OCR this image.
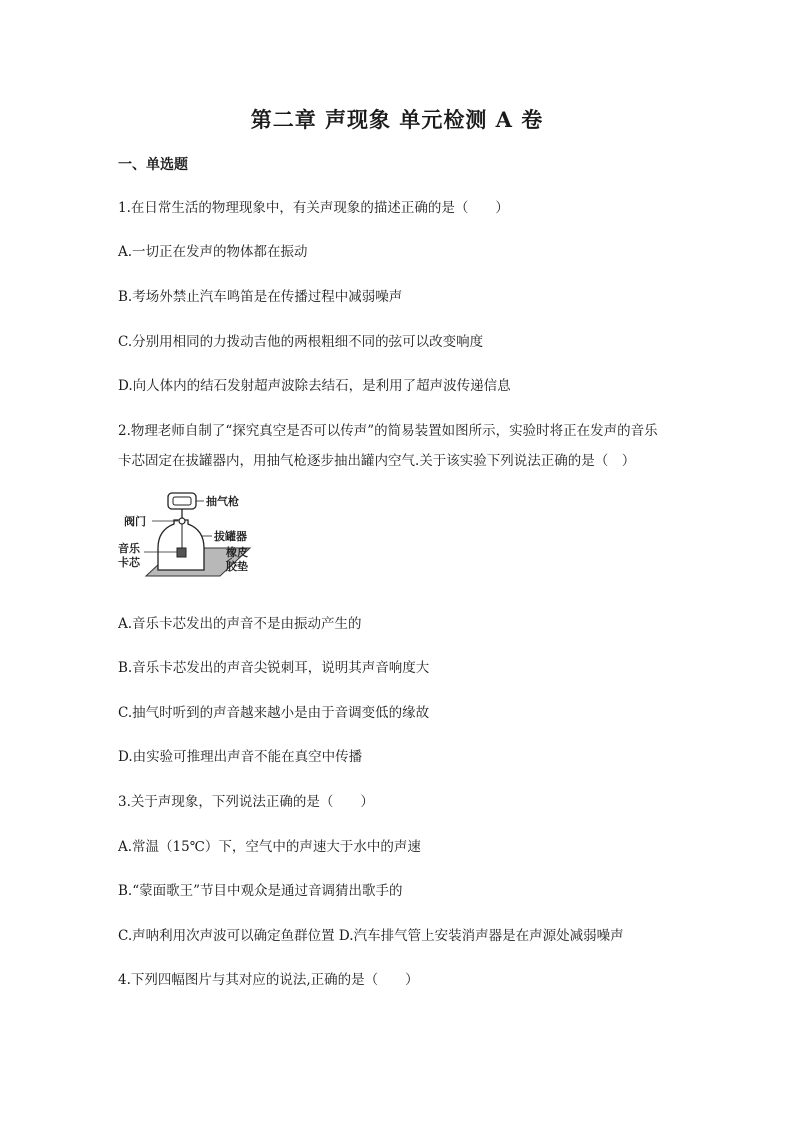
第二章 声现象 单元检测 A 卷
一、单选题
1.在日常生活的物理现象中，有关声现象的描述正确的是（　　）
A.一切正在发声的物体都在振动
B.考场外禁止汽车鸣笛是在传播过程中减弱噪声
C.分别用相同的力拨动吉他的两根粗细不同的弦可以改变响度
D.向人体内的结石发射超声波除去结石，是利用了超声波传递信息
2.物理老师自制了“探究真空是否可以传声”的简易装置如图所示，实验时将正在发声的音乐
卡芯固定在拔罐器内，用抽气枪逐步抽出罐内空气.关于该实验下列说法正确的是（　）
抽气枪
阀门
拔罐器
音乐
卡芯
橡皮
胶垫
A.音乐卡芯发出的声音不是由振动产生的
B.音乐卡芯发出的声音尖锐刺耳，说明其声音响度大
C.抽气时听到的声音越来越小是由于音调变低的缘故
D.由实验可推理出声音不能在真空中传播
3.关于声现象，下列说法正确的是（　　）
A.常温（15℃）下，空气中的声速大于水中的声速
B.“蒙面歌王”节目中观众是通过音调猜出歌手的
C.声呐利用次声波可以确定鱼群位置 D.汽车排气管上安装消声器是在声源处减弱噪声
4.下列四幅图片与其对应的说法,正确的是（　　）
